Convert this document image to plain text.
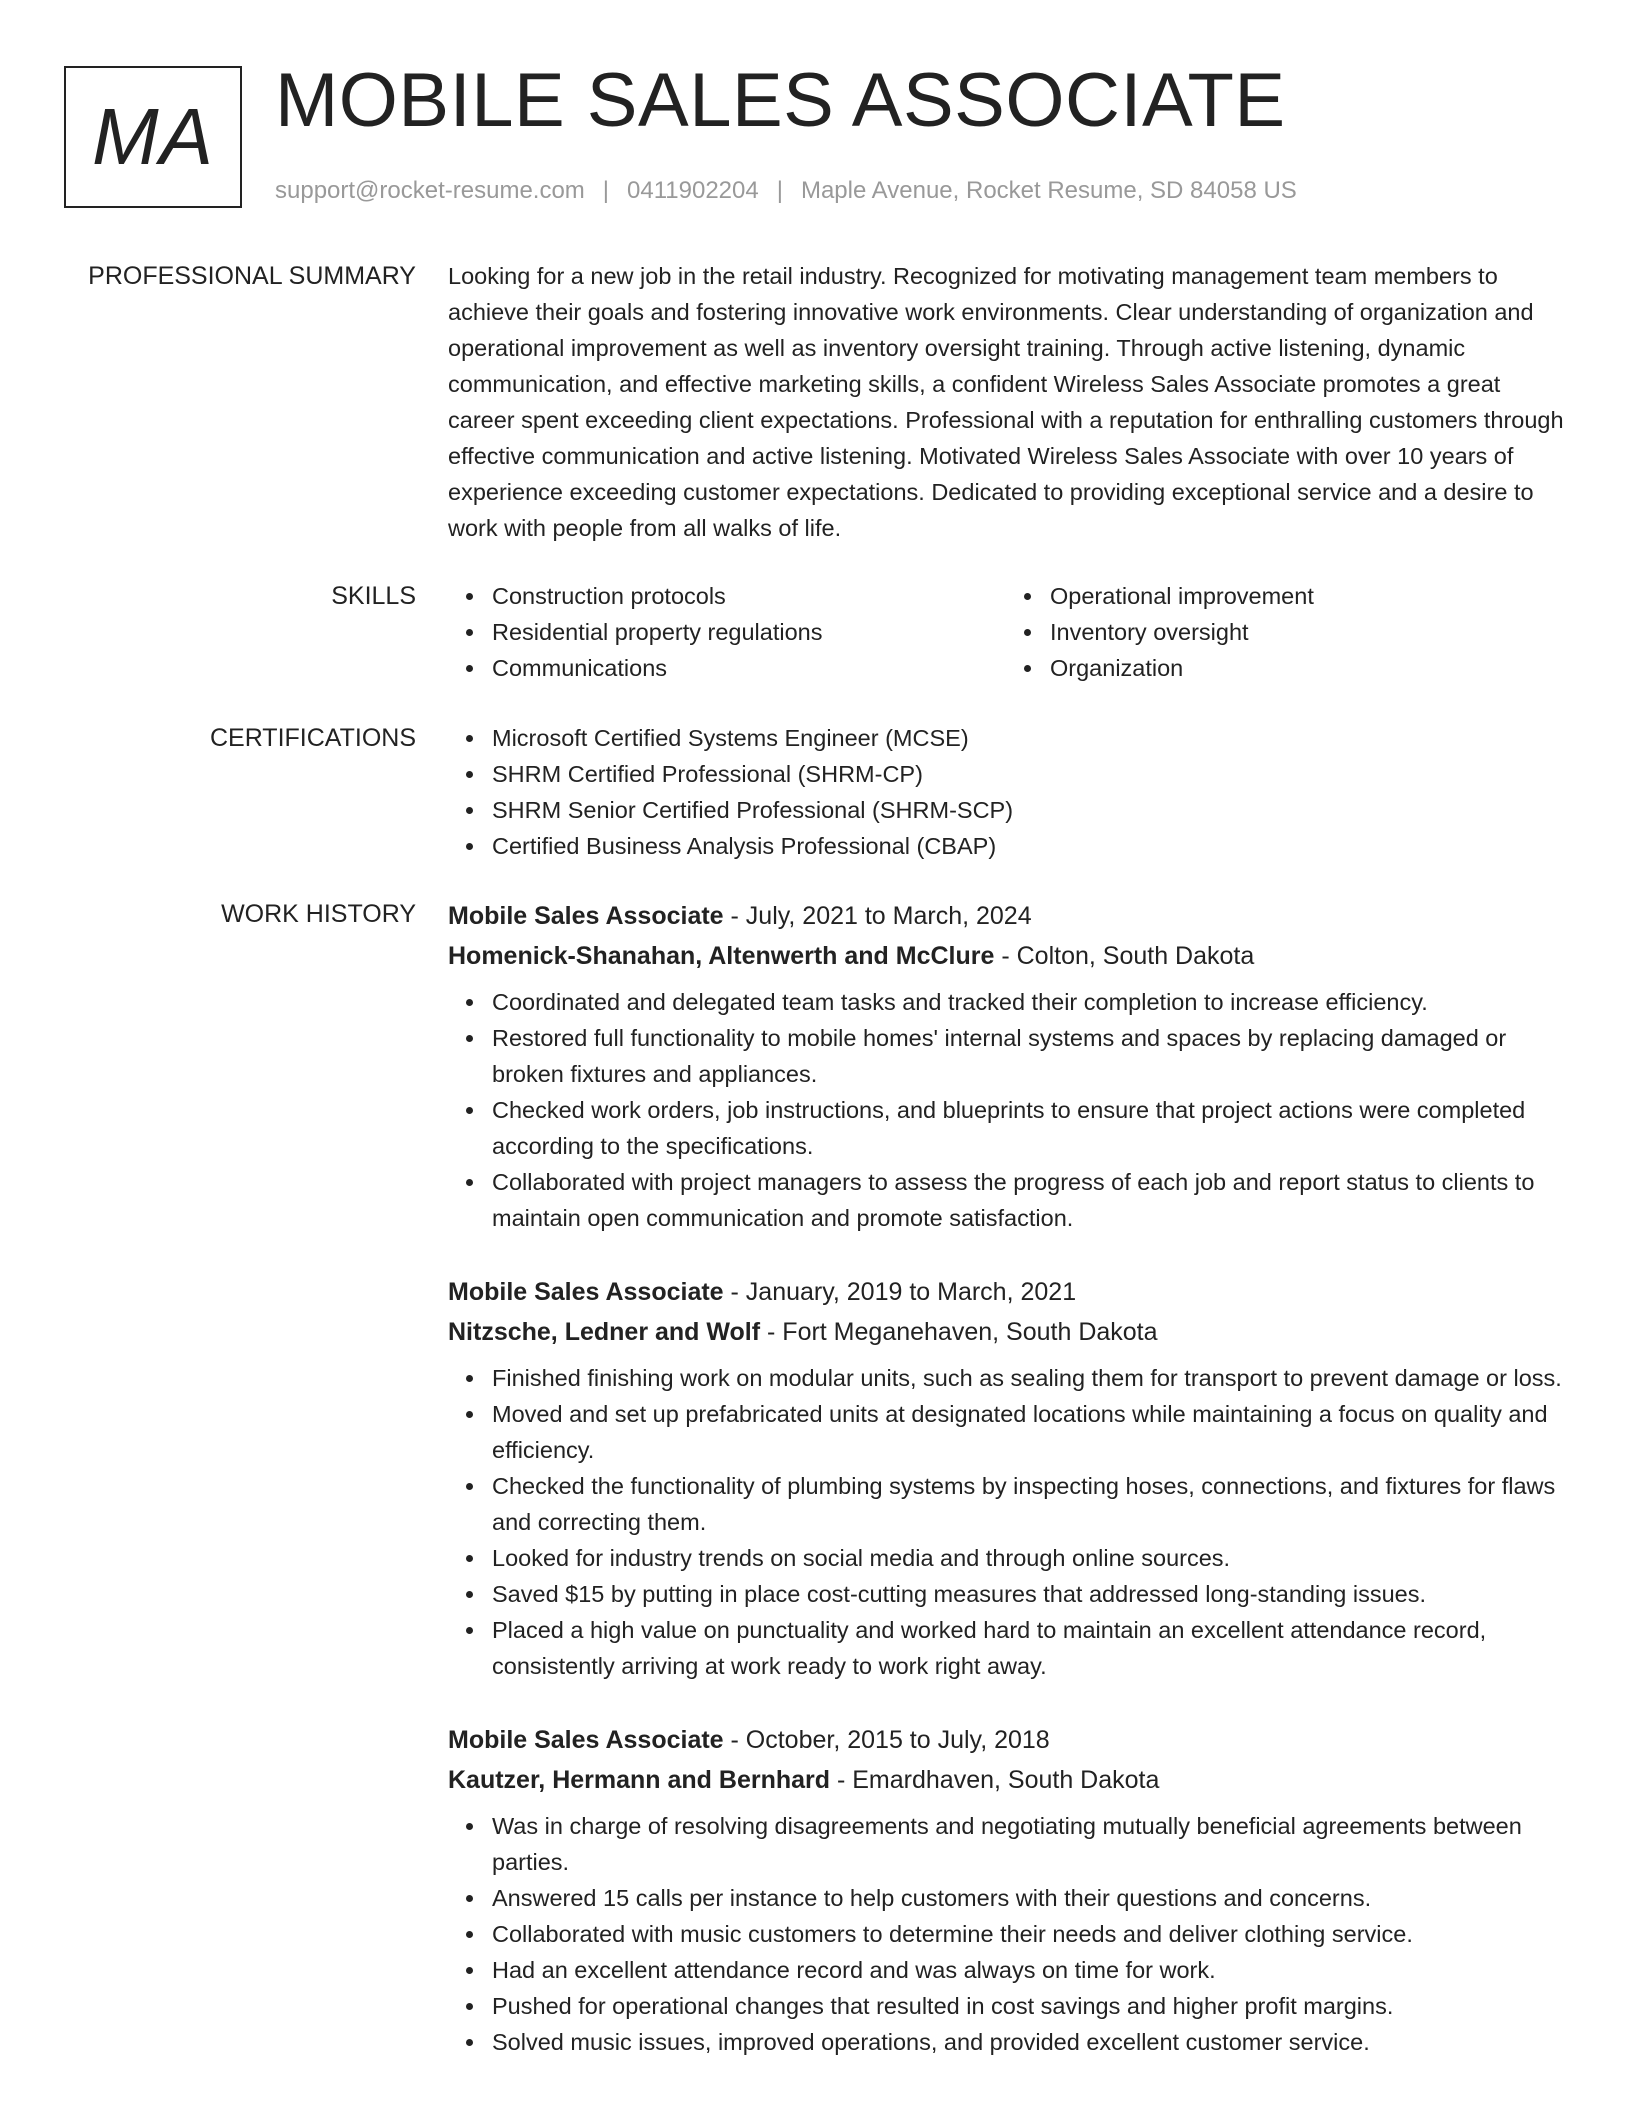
MA MOBILE SALES ASSOCIATE
support@rocket-resume.com | 0411902204 | Maple Avenue, Rocket Resume, SD 84058 US
PROFESSIONAL SUMMARY Looking for a new job in the retail industry. Recognized for motivating management team members to achieve their goals and fostering innovative work environments. Clear understanding of organization and operational improvement as well as inventory oversight training. Through active listening, dynamic communication, and effective marketing skills, a confident Wireless Sales Associate promotes a great career spent exceeding client expectations. Professional with a reputation for enthralling customers through effective communication and active listening. Motivated Wireless Sales Associate with over 10 years of experience exceeding customer expectations. Dedicated to providing exceptional service and a desire to work with people from all walks of life.

SKILLS	Construction protocols
Residential property regulations
Communications
Operational improvement
Inventory oversight
Organization
CERTIFICATIONS	Microsoft Certified Systems Engineer (MCSE)
SHRM Certified Professional (SHRM-CP)
SHRM Senior Certified Professional (SHRM-SCP)
Certified Business Analysis Professional (CBAP)
WORK HISTORY Mobile Sales Associate - July, 2021 to March, 2024
Homenick-Shanahan, Altenwerth and McClure - Colton, South Dakota
Coordinated and delegated team tasks and tracked their completion to increase efficiency.
Restored full functionality to mobile homes' internal systems and spaces by replacing damaged or broken fixtures and appliances.
Checked work orders, job instructions, and blueprints to ensure that project actions were completed according to the specifications.
Collaborated with project managers to assess the progress of each job and report status to clients to maintain open communication and promote satisfaction.
Mobile Sales Associate - January, 2019 to March, 2021
Nitzsche, Ledner and Wolf - Fort Meganehaven, South Dakota
Finished finishing work on modular units, such as sealing them for transport to prevent damage or loss.
Moved and set up prefabricated units at designated locations while maintaining a focus on quality and efficiency.
Checked the functionality of plumbing systems by inspecting hoses, connections, and fixtures for flaws and correcting them.
Looked for industry trends on social media and through online sources.
Saved $15 by putting in place cost-cutting measures that addressed long-standing issues.
Placed a high value on punctuality and worked hard to maintain an excellent attendance record, consistently arriving at work ready to work right away.
Mobile Sales Associate - October, 2015 to July, 2018
Kautzer, Hermann and Bernhard - Emardhaven, South Dakota
Was in charge of resolving disagreements and negotiating mutually beneficial agreements between parties.
Answered 15 calls per instance to help customers with their questions and concerns.
Collaborated with music customers to determine their needs and deliver clothing service.
Had an excellent attendance record and was always on time for work.
Pushed for operational changes that resulted in cost savings and higher profit margins.
Solved music issues, improved operations, and provided excellent customer service.
